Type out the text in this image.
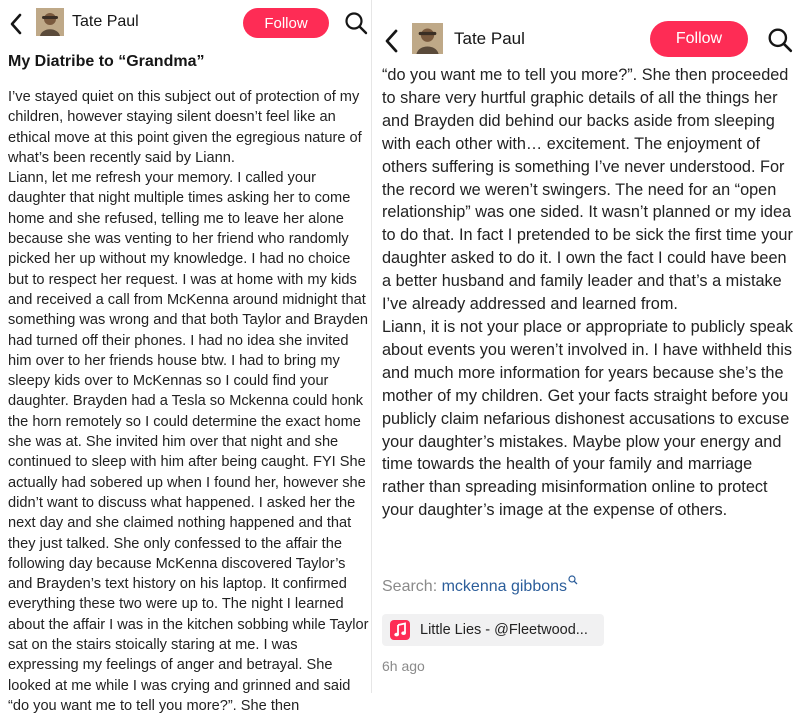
Tate Paul	Follow
My Diatribe to “Grandma”

I’ve stayed quiet on this subject out of protection of my children, however staying silent doesn’t feel like an ethical move at this point given the egregious nature of what’s been recently said by Liann.

Liann, let me refresh your memory. I called your daughter that night multiple times asking her to come home and she refused, telling me to leave her alone because she was venting to her friend who randomly picked her up without my knowledge. I had no choice but to respect her request. I was at home with my kids and received a call from McKenna around midnight that something was wrong and that both Taylor and Brayden had turned off their phones. I had no idea she invited him over to her friends house btw. I had to bring my sleepy kids over to McKennas so I could find your daughter. Brayden had a Tesla so Mckenna could honk the horn remotely so I could determine the exact home she was at. She invited him over that night and she continued to sleep with him after being caught. FYI She actually had sobered up when I found her, however she didn’t want to discuss what happened. I asked her the next day and she claimed nothing happened and that they just talked. She only confessed to the affair the following day because McKenna discovered Taylor’s and Brayden’s text history on his laptop. It confirmed everything these two were up to. The night I learned about the affair I was in the kitchen sobbing while Taylor sat on the stairs stoically staring at me. I was expressing my feelings of anger and betrayal. She looked at me while I was crying and grinned and said “do you want me to tell you more?”. She then

Tate Paul	Follow

“do you want me to tell you more?”. She then proceeded to share very hurtful graphic details of all the things her and Brayden did behind our backs aside from sleeping with each other with… excitement. The enjoyment of others suffering is something I’ve never understood. For the record we weren’t swingers. The need for an “open relationship” was one sided. It wasn’t planned or my idea to do that. In fact I pretended to be sick the first time your daughter asked to do it. I own the fact I could have been a better husband and family leader and that’s a mistake I’ve already addressed and learned from.

Liann, it is not your place or appropriate to publicly speak about events you weren’t involved in. I have withheld this and much more information for years because she’s the mother of my children. Get your facts straight before you publicly claim nefarious dishonest accusations to excuse your daughter’s mistakes. Maybe plow your energy and time towards the health of your family and marriage rather than spreading misinformation online to protect your daughter’s image at the expense of others.

Search: mckenna gibbons
Little Lies - @Fleetwood...
6h ago
